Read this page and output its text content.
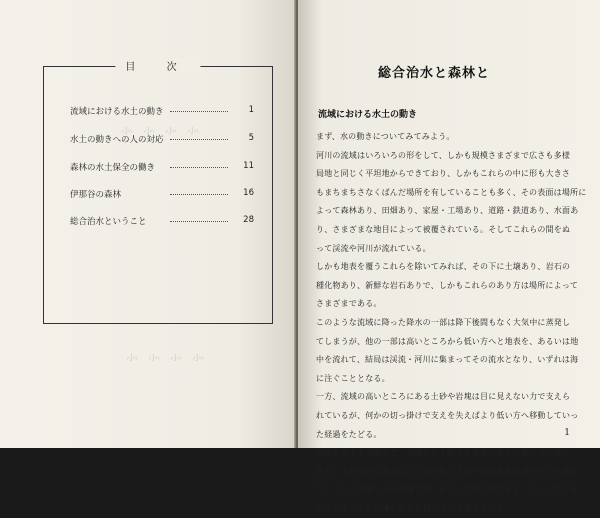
⺗⺗⺗⺗
⺗⺗⺗⺗
目 次
流域における水土の動き	1
水土の動きへの人の対応	5
森林の水土保全の働き	11
伊那谷の森林	16
総合治水ということ	28
総合治水と森林と
流域における水土の動き
まず、水の動きについてみてみよう。
河川の流域はいろいろの形をして、しかも規模さまざまで広さも多様
局地と同じく平坦地からできており、しかもこれらの中に形も大きさ
もまちまちさなくばんだ場所を有していることも多く、その表面は場所に
よって森林あり、田畑あり、家屋・工場あり、道路・鉄道あり、水面あ
り、さまざまな地目によって被覆されている。そしてこれらの間をぬ
って渓流や河川が流れている。
しかも地表を覆うこれらを除いてみれば、その下に土壌あり、岩石の
種化物あり、新鮮な岩石ありで、しかもこれらのあり方は場所によって
さまざまである。
このような流域に降った降水の一部は降下後間もなく大気中に蒸発し
てしまうが、他の一部は高いところから低い方へと地表を、あるいは地
中を流れて、結局は渓流・河川に集まってその流水となり、いずれは海
に注ぐこととなる。
一方、流域の高いところにある土砂や岩塊は目に見えない力で支えら
れているが、何かの切っ掛けで支えを失えばより低い方へ移動していっ
た経過をたどる。
雨滴が表土を分散させ、分散した土粒子を地表の流水が低い方へ運び
去り、また地中に浸み込んだ水が厚い土層や岩石風化物層の支えを弱め
て、これらを低い方へ崩落させ、あるいは滑り出させる。こうしてでき
た不安定の土砂石礫を流水が低い方へと運んでいく。
1
